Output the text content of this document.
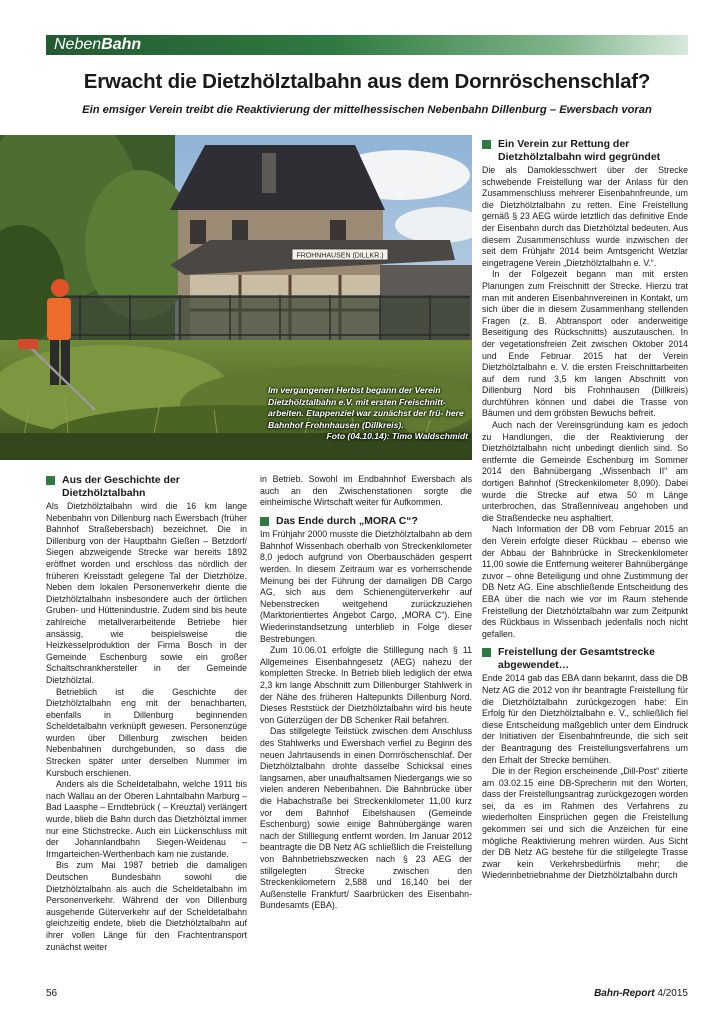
NebenBahn
Erwacht die Dietzhölztalbahn aus dem Dornröschenschlaf?
Ein emsiger Verein treibt die Reaktivierung der mittelhessischen Nebenbahn Dillenburg – Ewersbach voran
FROHNHAUSEN (DILLKR.)
Im vergangenen Herbst begann der Verein Dietzhölztalbahn e.V. mit ersten Freischnitt- arbeiten. Etappenziel war zunächst der frü- here Bahnhof Frohnhausen (Dillkreis).
Foto (04.10.14): Timo Waldschmidt
Aus der Geschichte der Dietzhölztalbahn

Als Dietzhölztalbahn wird die 16 km lange Nebenbahn von Dillenburg nach Ewersbach (früher Bahnhof Straßebersbach) bezeichnet. Die in Dillenburg von der Hauptbahn Gießen – Betzdorf/ Siegen abzweigende Strecke war bereits 1892 eröffnet worden und erschloss das nördlich der früheren Kreisstadt gelegene Tal der Dietzhölze. Neben dem lokalen Personenverkehr diente die Dietzhölztalbahn insbesondere auch der örtlichen Gruben- und Hüttenindustrie. Zudem sind bis heute zahlreiche metallverarbeitende Betriebe hier ansässig, wie beispielsweise die Heizkesselproduktion der Firma Bosch in der Gemeinde Eschenburg sowie ein großer Schaltschrankhersteller in der Gemeinde Dietzhölztal.

Betrieblich ist die Geschichte der Dietzhölztalbahn eng mit der benachbarten, ebenfalls in Dillenburg beginnenden Scheldetalbahn verknüpft gewesen. Personenzüge wurden über Dillenburg zwischen beiden Nebenbahnen durchgebunden, so dass die Strecken später unter derselben Nummer im Kursbuch erschienen.

Anders als die Scheldetalbahn, welche 1911 bis nach Wallau an der Oberen Lahntalbahn Marburg – Bad Laasphe – Erndtebrück ( – Kreuztal) verlängert wurde, blieb die Bahn durch das Dietzhölztal immer nur eine Stichstrecke. Auch ein Lückenschluss mit der Johannlandbahn Siegen-Weidenau – Irmgarteichen-Werthenbach kam nie zustande.

Bis zum Mai 1987 betrieb die damaligen Deutschen Bundesbahn sowohl die Dietzhölztalbahn als auch die Scheldetalbahn im Personenverkehr. Während der von Dillenburg ausgehende Güterverkehr auf der Scheldetalbahn gleichzeitig endete, blieb die Dietzhölztalbahn auf ihrer vollen Länge für den Frachtentransport zunächst weiter

in Betrieb. Sowohl im Endbahnhof Ewersbach als auch an den Zwischenstationen sorgte die einheimische Wirtschaft weiter für Aufkommen.

Das Ende durch „MORA C“?

Im Frühjahr 2000 musste die Dietzhölztalbahn ab dem Bahnhof Wissenbach oberhalb von Streckenkilometer 8,0 jedoch aufgrund von Oberbauschäden gesperrt werden. In diesem Zeitraum war es vorherrschende Meinung bei der Führung der damaligen DB Cargo AG, sich aus dem Schienengüterverkehr auf Nebenstrecken weitgehend zurückzuziehen (Marktorientiertes Angebot Cargo, „MORA C“). Eine Wiederinstandsetzung unterblieb in Folge dieser Bestrebungen.

Zum 10.06.01 erfolgte die Stilllegung nach § 11 Allgemeines Eisenbahngesetz (AEG) nahezu der kompletten Strecke. In Betrieb blieb lediglich der etwa 2,3 km lange Abschnitt zum Dillenburger Stahlwerk in der Nähe des früheren Haltepunkts Dillenburg Nord. Dieses Reststück der Dietzhölztalbahn wird bis heute von Güterzügen der DB Schenker Rail befahren.

Das stillgelegte Teilstück zwischen dem Anschluss des Stahlwerks und Ewersbach verfiel zu Beginn des neuen Jahrtausends in einen Dornröschenschlaf. Der Dietzhölztalbahn drohte dasselbe Schicksal eines langsamen, aber unaufhaltsamen Niedergangs wie so vielen anderen Nebenbahnen. Die Bahnbrücke über die Habachstraße bei Streckenkilometer 11,00 kurz vor dem Bahnhof Eibelshausen (Gemeinde Eschenburg) sowie einige Bahnübergänge waren nach der Stilllegung entfernt worden. Im Januar 2012 beantragte die DB Netz AG schließlich die Freistellung von Bahnbetriebszwecken nach § 23 AEG der stillgelegten Strecke zwischen den Streckenkilometern 2,588 und 16,140 bei der Außenstelle Frankfurt/ Saarbrücken des Eisenbahn-Bundesamts (EBA).

Ein Verein zur Rettung der Dietzhölztalbahn wird gegründet

Die als Damoklesschwert über der Strecke schwebende Freistellung war der Anlass für den Zusammenschluss mehrerer Eisenbahnfreunde, um die Dietzhölztalbahn zu retten. Eine Freistellung gemäß § 23 AEG würde letztlich das definitive Ende der Eisenbahn durch das Dietzhölztal bedeuten. Aus diesem Zusammenschluss wurde inzwischen der seit dem Frühjahr 2014 beim Amtsgericht Wetzlar eingetragene Verein „Dietzhölztalbahn e. V.“.

In der Folgezeit begann man mit ersten Planungen zum Freischnitt der Strecke. Hierzu trat man mit anderen Eisenbahnvereinen in Kontakt, um sich über die in diesem Zusammenhang stellenden Fragen (z. B. Abtransport oder anderweitige Beseitigung des Rückschnitts) auszutauschen. In der vegetationsfreien Zeit zwischen Oktober 2014 und Ende Februar 2015 hat der Verein Dietzhölztalbahn e. V. die ersten Freischnittarbeiten auf dem rund 3,5 km langen Abschnitt von Dillenburg Nord bis Frohnhausen (Dillkreis) durchführen können und dabei die Trasse von Bäumen und dem gröbsten Bewuchs befreit.

Auch nach der Vereinsgründung kam es jedoch zu Handlungen, die der Reaktivierung der Dietzhölztalbahn nicht unbedingt dienlich sind. So entfernte die Gemeinde Eschenburg im Sommer 2014 den Bahnübergang „Wissenbach II“ am dortigen Bahnhof (Streckenkilometer 8,090). Dabei wurde die Strecke auf etwa 50 m Länge unterbrochen, das Straßenniveau angehoben und die Straßendecke neu asphaltiert.

Nach Information der DB vom Februar 2015 an den Verein erfolgte dieser Rückbau – ebenso wie der Abbau der Bahnbrücke in Streckenkilometer 11,00 sowie die Entfernung weiterer Bahnübergänge zuvor – ohne Beteiligung und ohne Zustimmung der DB Netz AG. Eine abschließende Entscheidung des EBA über die nach wie vor im Raum stehende Freistellung der Dietzhölztalbahn war zum Zeitpunkt des Rückbaus in Wissenbach jedenfalls noch nicht gefallen.

Freistellung der Gesamtstrecke abgewendet…

Ende 2014 gab das EBA dann bekannt, dass die DB Netz AG die 2012 von ihr beantragte Freistellung für die Dietzhölztalbahn zurückgezogen habe: Ein Erfolg für den Dietzhölztalbahn e. V., schließlich fiel diese Entscheidung maßgeblich unter dem Eindruck der Initiativen der Eisenbahnfreunde, die sich seit der Beantragung des Freistellungsverfahrens um den Erhalt der Strecke bemühen.

Die in der Region erscheinende „Dill-Post“ zitierte am 03.02.15 eine DB-Sprecherin mit den Worten, dass der Freistellungsantrag zurückgezogen worden sei, da es im Rahmen des Verfahrens zu wiederholten Einsprüchen gegen die Freistellung gekommen sei und sich die Anzeichen für eine mögliche Reaktivierung mehren würden. Aus Sicht der DB Netz AG bestehe für die stillgelegte Trasse zwar kein Verkehrsbedürfnis mehr; die Wiederinbetriebnahme der Dietzhölztalbahn durch

56	Bahn-Report 4/2015
